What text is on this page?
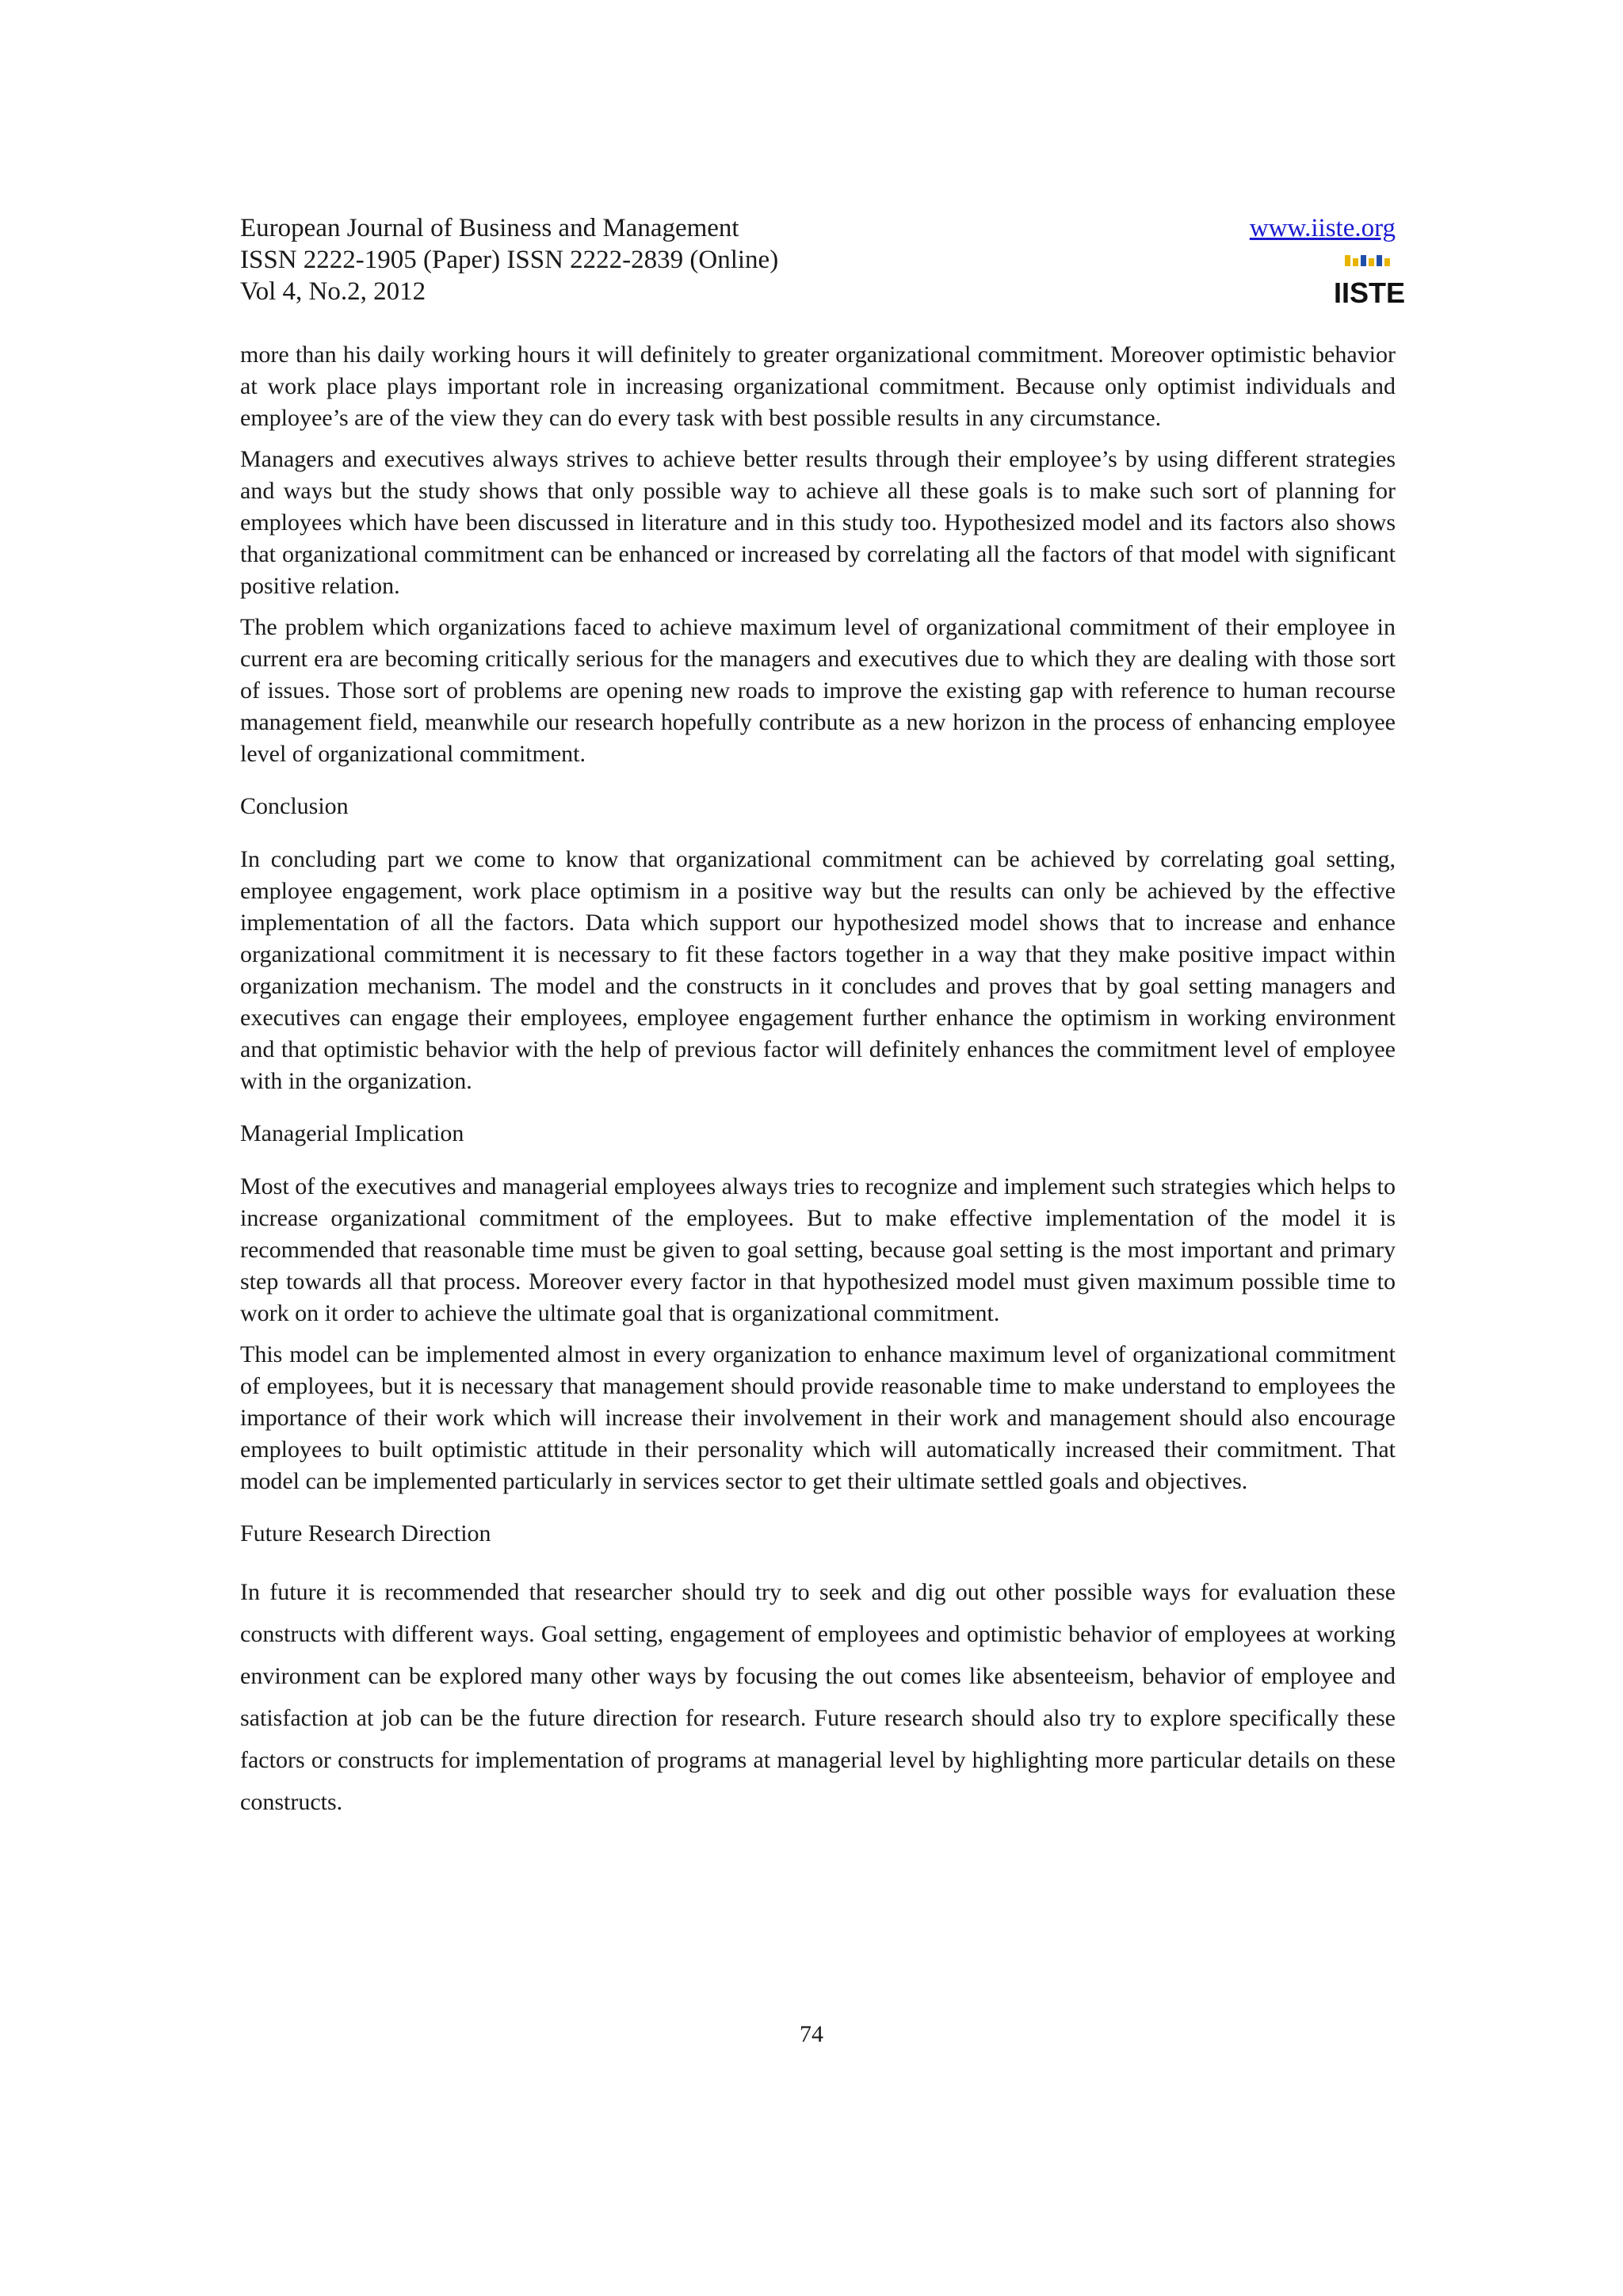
European Journal of Business and Management
ISSN 2222-1905 (Paper) ISSN 2222-2839 (Online)
Vol 4, No.2, 2012
www.iiste.org
IISTE

more than his daily working hours it will definitely to greater organizational commitment. Moreover optimistic behavior at work place plays important role in increasing organizational commitment. Because only optimist individuals and employee’s are of the view they can do every task with best possible results in any circumstance.

Managers and executives always strives to achieve better results through their employee’s by using different strategies and ways but the study shows that only possible way to achieve all these goals is to make such sort of planning for employees which have been discussed in literature and in this study too. Hypothesized model and its factors also shows that organizational commitment can be enhanced or increased by correlating all the factors of that model with significant positive relation.

The problem which organizations faced to achieve maximum level of organizational commitment of their employee in current era are becoming critically serious for the managers and executives due to which they are dealing with those sort of issues. Those sort of problems are opening new roads to improve the existing gap with reference to human recourse management field, meanwhile our research hopefully contribute as a new horizon in the process of enhancing employee level of organizational commitment.

Conclusion

In concluding part we come to know that organizational commitment can be achieved by correlating goal setting, employee engagement, work place optimism in a positive way but the results can only be achieved by the effective implementation of all the factors. Data which support our hypothesized model shows that to increase and enhance organizational commitment it is necessary to fit these factors together in a way that they make positive impact within organization mechanism. The model and the constructs in it concludes and proves that by goal setting managers and executives can engage their employees, employee engagement further enhance the optimism in working environment and that optimistic behavior with the help of previous factor will definitely enhances the commitment level of employee with in the organization.

Managerial Implication

Most of the executives and managerial employees always tries to recognize and implement such strategies which helps to increase organizational commitment of the employees. But to make effective implementation of the model it is recommended that reasonable time must be given to goal setting, because goal setting is the most important and primary step towards all that process. Moreover every factor in that hypothesized model must given maximum possible time to work on it order to achieve the ultimate goal that is organizational commitment.

This model can be implemented almost in every organization to enhance maximum level of organizational commitment of employees, but it is necessary that management should provide reasonable time to make understand to employees the importance of their work which will increase their involvement in their work and management should also encourage employees to built optimistic attitude in their personality which will automatically increased their commitment. That model can be implemented particularly in services sector to get their ultimate settled goals and objectives.

Future Research Direction

In future it is recommended that researcher should try to seek and dig out other possible ways for evaluation these constructs with different ways. Goal setting, engagement of employees and optimistic behavior of employees at working environment can be explored many other ways by focusing the out comes like absenteeism, behavior of employee and satisfaction at job can be the future direction for research. Future research should also try to explore specifically these factors or constructs for implementation of programs at managerial level by highlighting more particular details on these constructs.

74
